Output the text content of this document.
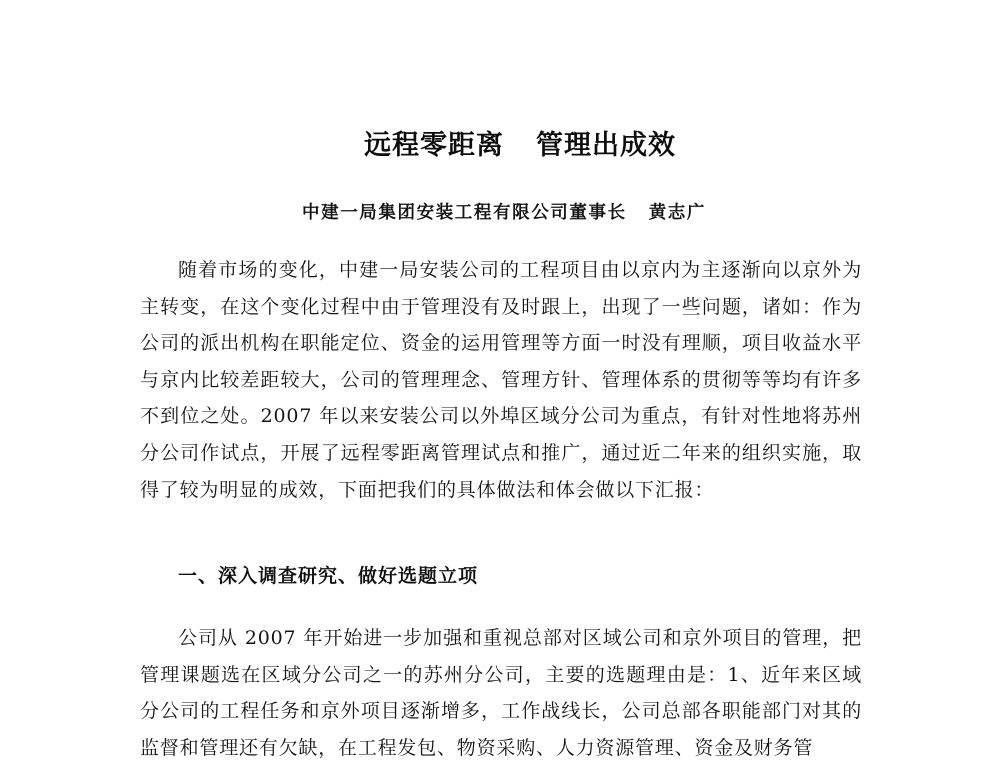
远程零距离 管理出成效
中建一局集团安装工程有限公司董事长 黄志广

随着市场的变化，中建一局安装公司的工程项目由以京内为主逐渐向以京外为主转变，在这个变化过程中由于管理没有及时跟上，出现了一些问题，诸如：作为公司的派出机构在职能定位、资金的运用管理等方面一时没有理顺，项目收益水平与京内比较差距较大，公司的管理理念、管理方针、管理体系的贯彻等等均有许多不到位之处。2007 年以来安装公司以外埠区域分公司为重点，有针对性地将苏州分公司作试点，开展了远程零距离管理试点和推广，通过近二年来的组织实施，取得了较为明显的成效，下面把我们的具体做法和体会做以下汇报：

一、深入调查研究、做好选题立项

公司从 2007 年开始进一步加强和重视总部对区域公司和京外项目的管理，把管理课题选在区域分公司之一的苏州分公司，主要的选题理由是：1、近年来区域分公司的工程任务和京外项目逐渐增多，工作战线长，公司总部各职能部门对其的监督和管理还有欠缺，在工程发包、物资采购、人力资源管理、资金及财务管
